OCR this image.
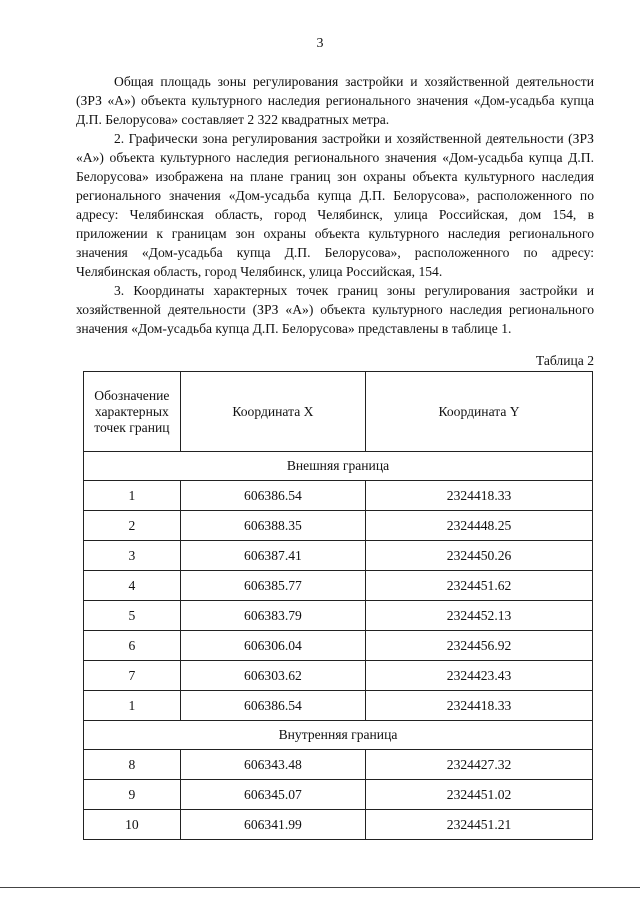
3

Общая площадь зоны регулирования застройки и хозяйственной деятельности (ЗРЗ «А») объекта культурного наследия регионального значения «Дом-усадьба купца Д.П. Белорусова» составляет 2 322 квадратных метра.

2. Графически зона регулирования застройки и хозяйственной деятельности (ЗРЗ «А») объекта культурного наследия регионального значения «Дом-усадьба купца Д.П. Белорусова» изображена на плане границ зон охраны объекта культурного наследия регионального значения «Дом-усадьба купца Д.П. Белорусова», расположенного по адресу: Челябинская область, город Челябинск, улица Российская, дом 154, в приложении к границам зон охраны объекта культурного наследия регионального значения «Дом-усадьба купца Д.П. Белорусова», расположенного по адресу: Челябинская область, город Челябинск, улица Российская, 154.

3. Координаты характерных точек границ зоны регулирования застройки и хозяйственной деятельности (ЗРЗ «А») объекта культурного наследия регионального значения «Дом-усадьба купца Д.П. Белорусова» представлены в таблице 1.

Таблица 2
Обозначение характерных точек границ	Координата X	Координата Y
Внешняя граница		
1	606386.54	2324418.33
2	606388.35	2324448.25
3	606387.41	2324450.26
4	606385.77	2324451.62
5	606383.79	2324452.13
6	606306.04	2324456.92
7	606303.62	2324423.43
1	606386.54	2324418.33
Внутренняя граница		
8	606343.48	2324427.32
9	606345.07	2324451.02
10	606341.99	2324451.21
